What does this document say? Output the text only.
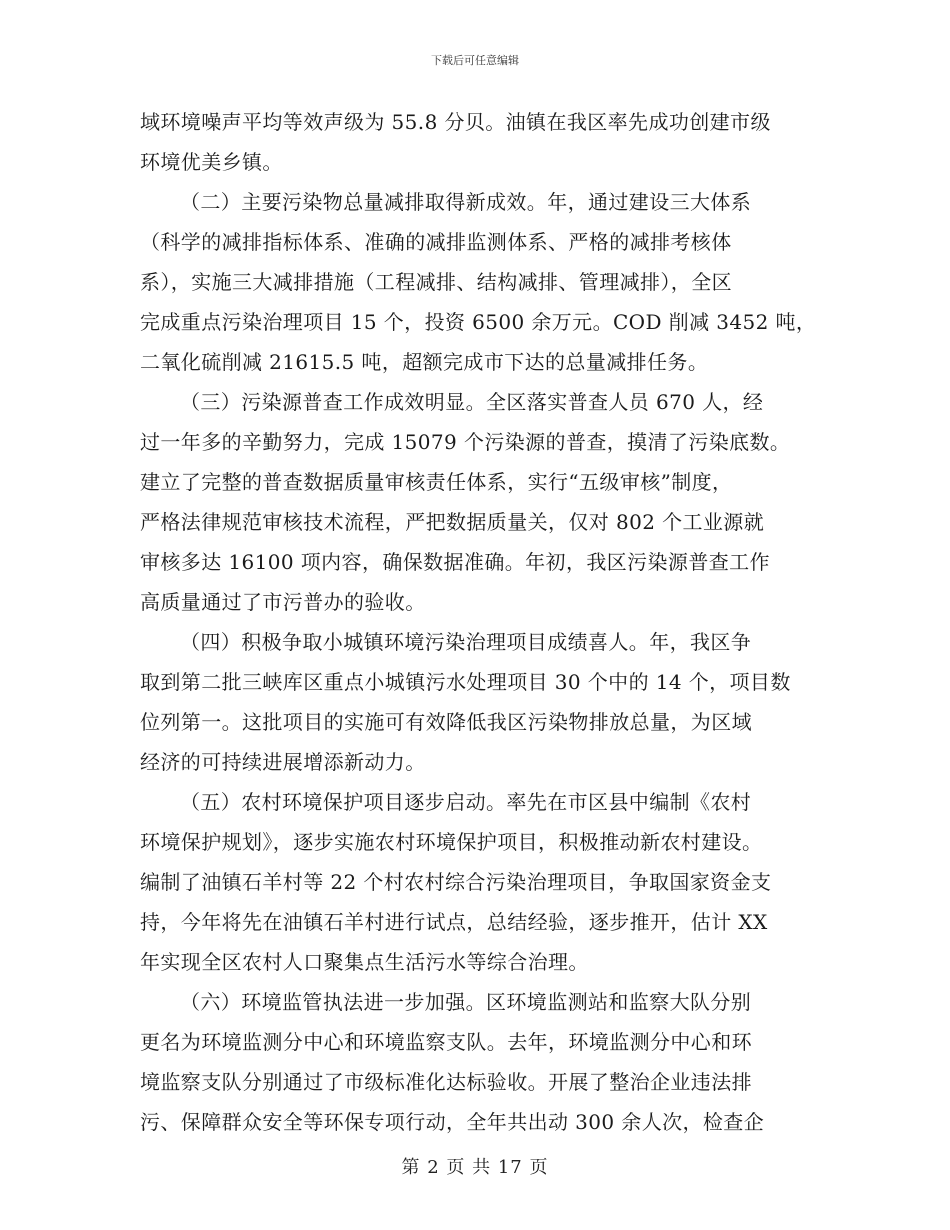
下载后可任意编辑

域环境噪声平均等效声级为 55.8 分贝。油镇在我区率先成功创建市级
环境优美乡镇。

（二）主要污染物总量减排取得新成效。年，通过建设三大体系
（科学的减排指标体系、准确的减排监测体系、严格的减排考核体
系），实施三大减排措施（工程减排、结构减排、管理减排），全区
完成重点污染治理项目 15 个，投资 6500 余万元。COD 削减 3452 吨，
二氧化硫削减 21615.5 吨，超额完成市下达的总量减排任务。

（三）污染源普查工作成效明显。全区落实普查人员 670 人，经
过一年多的辛勤努力，完成 15079 个污染源的普查，摸清了污染底数。
建立了完整的普查数据质量审核责任体系，实行“五级审核”制度，
严格法律规范审核技术流程，严把数据质量关，仅对 802 个工业源就
审核多达 16100 项内容，确保数据准确。年初，我区污染源普查工作
高质量通过了市污普办的验收。

（四）积极争取小城镇环境污染治理项目成绩喜人。年，我区争
取到第二批三峡库区重点小城镇污水处理项目 30 个中的 14 个，项目数
位列第一。这批项目的实施可有效降低我区污染物排放总量，为区域
经济的可持续进展增添新动力。

（五）农村环境保护项目逐步启动。率先在市区县中编制《农村
环境保护规划》，逐步实施农村环境保护项目，积极推动新农村建设。
编制了油镇石羊村等 22 个村农村综合污染治理项目，争取国家资金支
持，今年将先在油镇石羊村进行试点，总结经验，逐步推开，估计 XX
年实现全区农村人口聚集点生活污水等综合治理。

（六）环境监管执法进一步加强。区环境监测站和监察大队分别
更名为环境监测分中心和环境监察支队。去年，环境监测分中心和环
境监察支队分别通过了市级标准化达标验收。开展了整治企业违法排
污、保障群众安全等环保专项行动，全年共出动 300 余人次，检查企

第 2 页 共 17 页
